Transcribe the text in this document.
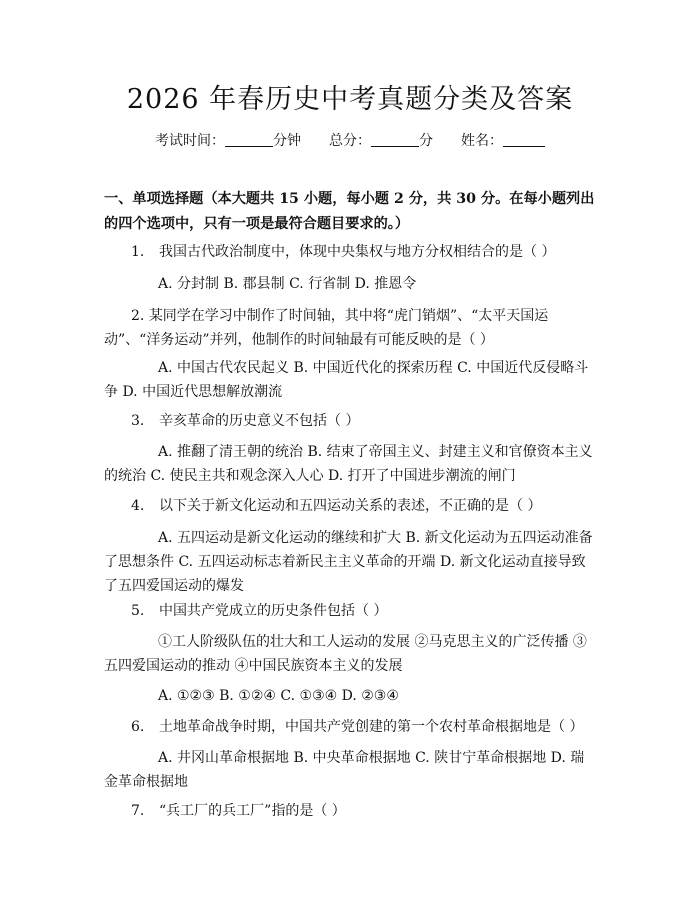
2026 年春历史中考真题分类及答案
考试时间：	分钟 总分：	分 姓名：
一、单项选择题（本大题共 15 小题，每小题 2 分，共 30 分。在每小题列出的四个选项中，只有一项是最符合题目要求的。）
1. 我国古代政治制度中，体现中央集权与地方分权相结合的是（ ）
A. 分封制 B. 郡县制 C. 行省制 D. 推恩令
2. 某同学在学习中制作了时间轴，其中将“虎门销烟”、“太平天国运动”、“洋务运动”并列，他制作的时间轴最有可能反映的是（ ）
A. 中国古代农民起义 B. 中国近代化的探索历程 C. 中国近代反侵略斗争 D. 中国近代思想解放潮流
3. 辛亥革命的历史意义不包括（ ）
A. 推翻了清王朝的统治 B. 结束了帝国主义、封建主义和官僚资本主义的统治 C. 使民主共和观念深入人心 D. 打开了中国进步潮流的闸门
4. 以下关于新文化运动和五四运动关系的表述，不正确的是（ ）
A. 五四运动是新文化运动的继续和扩大 B. 新文化运动为五四运动准备了思想条件 C. 五四运动标志着新民主主义革命的开端 D. 新文化运动直接导致了五四爱国运动的爆发
5. 中国共产党成立的历史条件包括（ ）
①工人阶级队伍的壮大和工人运动的发展 ②马克思主义的广泛传播 ③五四爱国运动的推动 ④中国民族资本主义的发展
A. ①②③ B. ①②④ C. ①③④ D. ②③④
6. 土地革命战争时期，中国共产党创建的第一个农村革命根据地是（ ）
A. 井冈山革命根据地 B. 中央革命根据地 C. 陕甘宁革命根据地 D. 瑞金革命根据地
7. “兵工厂的兵工厂”指的是（ ）
